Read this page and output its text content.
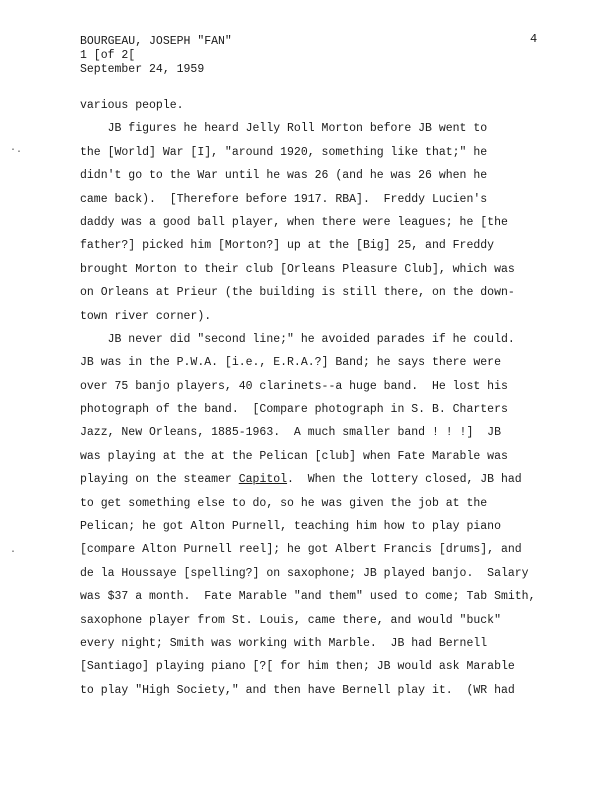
BOURGEAU, JOSEPH "FAN"
1 [of 2[
September 24, 1959
4
·.
.
various people.
JB figures he heard Jelly Roll Morton before JB went to
the [World] War [I], "around 1920, something like that;" he
didn't go to the War until he was 26 (and he was 26 when he
came back).  [Therefore before 1917. RBA].  Freddy Lucien's
daddy was a good ball player, when there were leagues; he [the
father?] picked him [Morton?] up at the [Big] 25, and Freddy
brought Morton to their club [Orleans Pleasure Club], which was
on Orleans at Prieur (the building is still there, on the down-
town river corner).
JB never did "second line;" he avoided parades if he could.
JB was in the P.W.A. [i.e., E.R.A.?] Band; he says there were
over 75 banjo players, 40 clarinets--a huge band.  He lost his
photograph of the band.  [Compare photograph in S. B. Charters
Jazz, New Orleans, 1885-1963.  A much smaller band ! ! !]  JB
was playing at the at the Pelican [club] when Fate Marable was
playing on the steamer Capitol.  When the lottery closed, JB had
to get something else to do, so he was given the job at the
Pelican; he got Alton Purnell, teaching him how to play piano
[compare Alton Purnell reel]; he got Albert Francis [drums], and
de la Houssaye [spelling?] on saxophone; JB played banjo.  Salary
was $37 a month.  Fate Marable "and them" used to come; Tab Smith,
saxophone player from St. Louis, came there, and would "buck"
every night; Smith was working with Marble.  JB had Bernell
[Santiago] playing piano [?[ for him then; JB would ask Marable
to play "High Society," and then have Bernell play it.  (WR had
